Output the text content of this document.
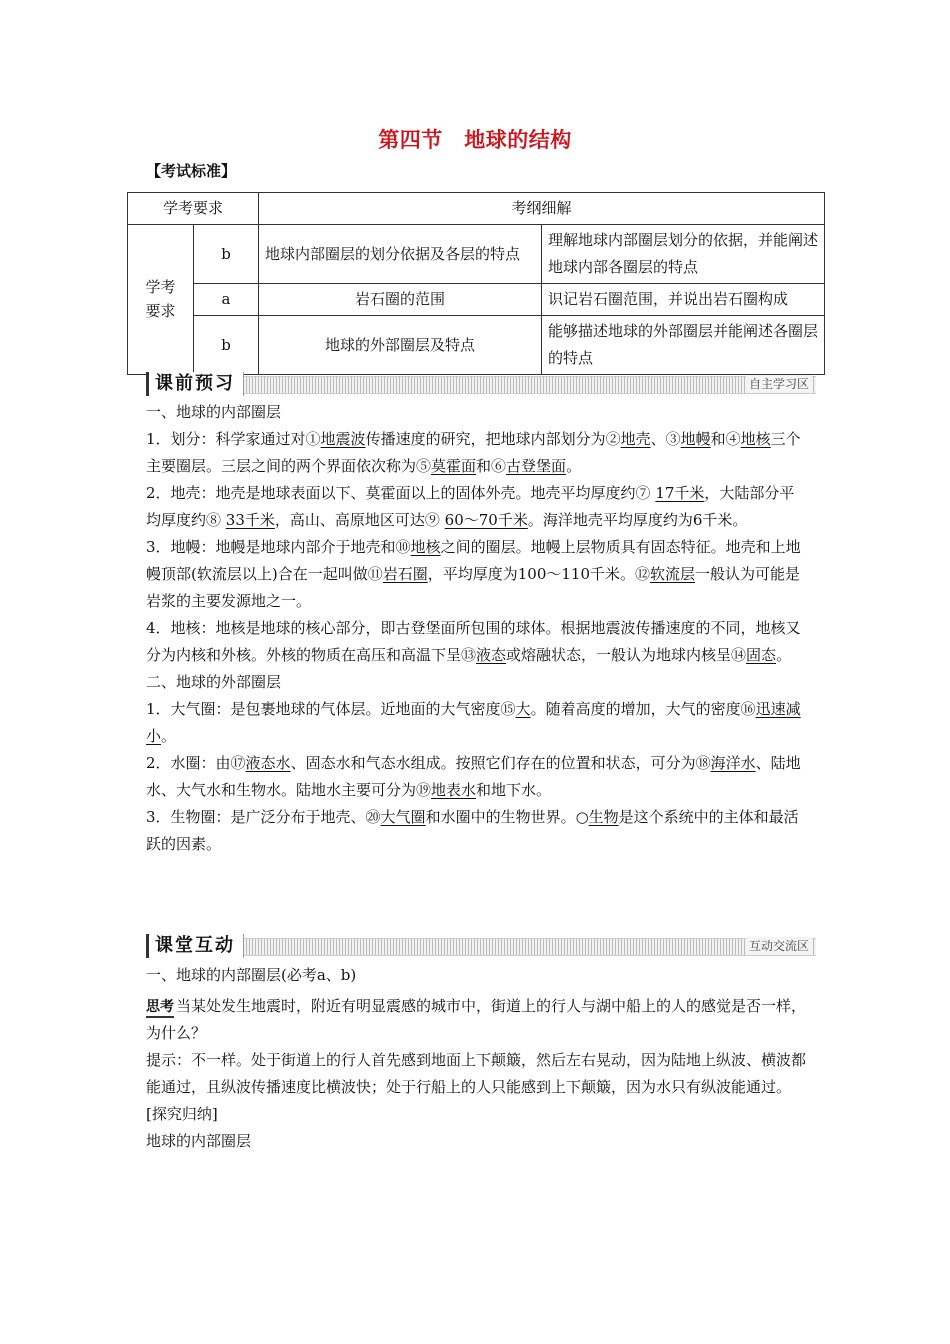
第四节　地球的结构
【考试标准】
学考要求		考纲细解	
学考要求	b	地球内部圈层的划分依据及各层的特点	理解地球内部圈层划分的依据，并能阐述地球内部各圈层的特点
	a	岩石圈的范围	识记岩石圈范围，并说出岩石圈构成
	b	地球的外部圈层及特点	能够描述地球的外部圈层并能阐述各圈层的特点
课前预习	自主学习区

一、地球的内部圈层

1．划分：科学家通过对①地震波传播速度的研究，把地球内部划分为②地壳、③地幔和④地核三个主要圈层。三层之间的两个界面依次称为⑤莫霍面和⑥古登堡面。

2．地壳：地壳是地球表面以下、莫霍面以上的固体外壳。地壳平均厚度约⑦ 17千米，大陆部分平均厚度约⑧ 33千米，高山、高原地区可达⑨ 60～70千米。海洋地壳平均厚度约为6千米。

3．地幔：地幔是地球内部介于地壳和⑩地核之间的圈层。地幔上层物质具有固态特征。地壳和上地幔顶部(软流层以上)合在一起叫做⑪岩石圈，平均厚度为100～110千米。⑫软流层一般认为可能是岩浆的主要发源地之一。

4．地核：地核是地球的核心部分，即古登堡面所包围的球体。根据地震波传播速度的不同，地核又分为内核和外核。外核的物质在高压和高温下呈⑬液态或熔融状态，一般认为地球内核呈⑭固态。

二、地球的外部圈层

1．大气圈：是包裹地球的气体层。近地面的大气密度⑮大。随着高度的增加，大气的密度⑯迅速减小。

2．水圈：由⑰液态水、固态水和气态水组成。按照它们存在的位置和状态，可分为⑱海洋水、陆地水、大气水和生物水。陆地水主要可分为⑲地表水和地下水。

3．生物圈：是广泛分布于地壳、⑳大气圈和水圈中的生物世界。○生物是这个系统中的主体和最活跃的因素。

课堂互动	互动交流区

一、地球的内部圈层(必考a、b)

思考 当某处发生地震时，附近有明显震感的城市中，街道上的行人与湖中船上的人的感觉是否一样，为什么？

提示：不一样。处于街道上的行人首先感到地面上下颠簸，然后左右晃动，因为陆地上纵波、横波都能通过，且纵波传播速度比横波快；处于行船上的人只能感到上下颠簸，因为水只有纵波能通过。

[探究归纳]

地球的内部圈层
